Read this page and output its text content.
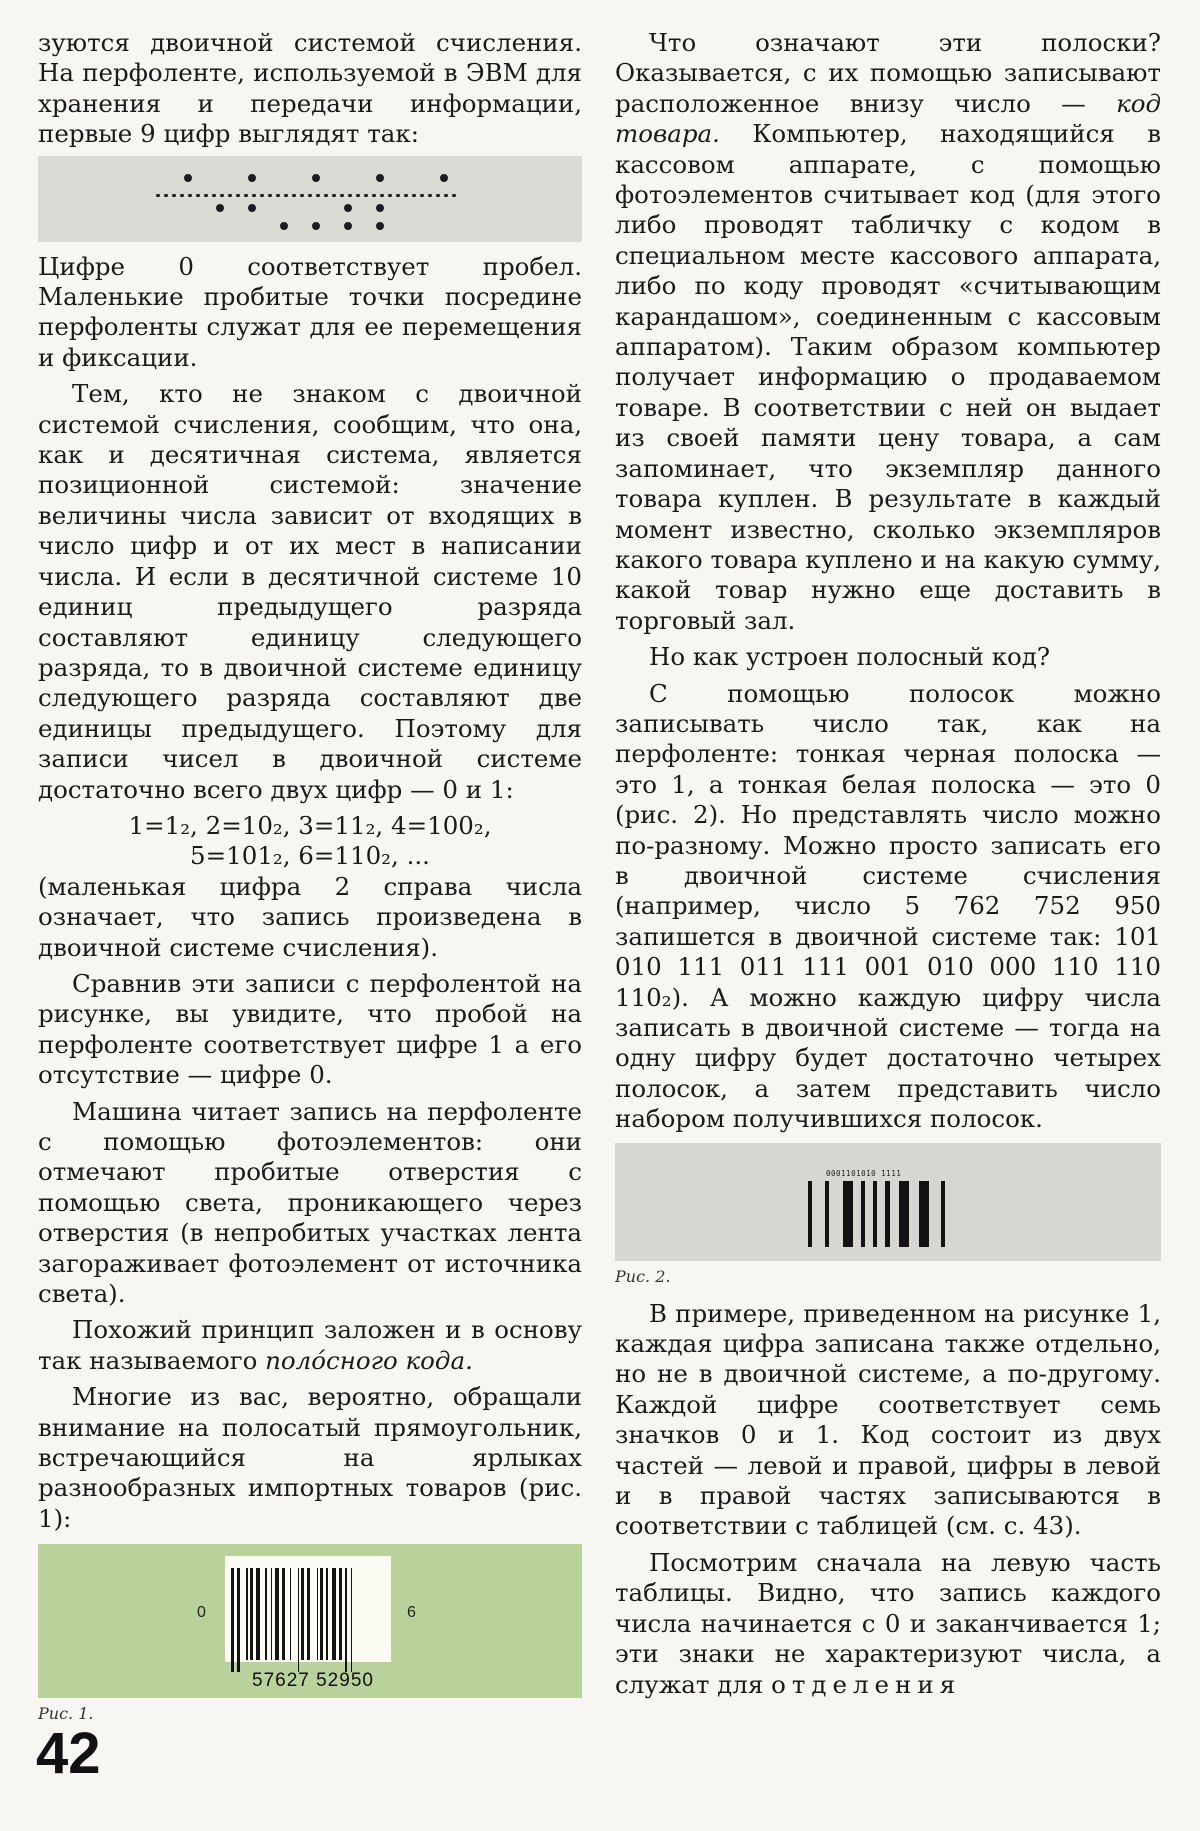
зуются двоичной системой счисления. На перфоленте, используемой в ЭВМ для хранения и передачи информации, первые 9 цифр выглядят так:

Цифре 0 соответствует пробел. Маленькие пробитые точки посредине перфоленты служат для ее перемещения и фиксации.

Тем, кто не знаком с двоичной системой счисления, сообщим, что она, как и десятичная система, является позиционной системой: значение величины числа зависит от входящих в число цифр и от их мест в написании числа. И если в десятичной системе 10 единиц предыдущего разряда составляют единицу следующего разряда, то в двоичной системе единицу следующего разряда составляют две единицы предыдущего. Поэтому для записи чисел в двоичной системе достаточно всего двух цифр — 0 и 1:

1=1₂, 2=10₂, 3=11₂, 4=100₂,

5=101₂, 6=110₂, ...

(маленькая цифра 2 справа числа означает, что запись произведена в двоичной системе счисления).

Сравнив эти записи с перфолентой на рисунке, вы увидите, что пробой на перфоленте соответствует цифре 1 а его отсутствие — цифре 0.

Машина читает запись на перфоленте с помощью фотоэлементов: они отмечают пробитые отверстия с помощью света, проникающего через отверстия (в непробитых участках лента загораживает фотоэлемент от источника света).

Похожий принцип заложен и в основу так называемого полóсного кода.

Многие из вас, вероятно, обращали внимание на полосатый прямоугольник, встречающийся на ярлыках разнообразных импортных товаров (рис. 1):

0	6
57627 52950
Рис. 1.

Что означают эти полоски? Оказывается, с их помощью записывают расположенное внизу число — код товара. Компьютер, находящийся в кассовом аппарате, с помощью фотоэлементов считывает код (для этого либо проводят табличку с кодом в специальном месте кассового аппарата, либо по коду проводят «считывающим карандашом», соединенным с кассовым аппаратом). Таким образом компьютер получает информацию о продаваемом товаре. В соответствии с ней он выдает из своей памяти цену товара, а сам запоминает, что экземпляр данного товара куплен. В результате в каждый момент известно, сколько экземпляров какого товара куплено и на какую сумму, какой товар нужно еще доставить в торговый зал.

Но как устроен полосный код?

С помощью полосок можно записывать число так, как на перфоленте: тонкая черная полоска — это 1, а тонкая белая полоска — это 0 (рис. 2). Но представлять число можно по-разному. Можно просто записать его в двоичной системе счисления (например, число 5 762 752 950 запишется в двоичной системе так: 101 010 111 011 111 001 010 000 110 110 110₂). А можно каждую цифру числа записать в двоичной системе — тогда на одну цифру будет достаточно четырех полосок, а затем представить число набором получившихся полосок.

0001101010 1111
Рис. 2.

В примере, приведенном на рисунке 1, каждая цифра записана также отдельно, но не в двоичной системе, а по-другому. Каждой цифре соответствует семь значков 0 и 1. Код состоит из двух частей — левой и правой, цифры в левой и в правой частях записываются в соответствии с таблицей (см. с. 43).

Посмотрим сначала на левую часть таблицы. Видно, что запись каждого числа начинается с 0 и заканчивается 1; эти знаки не характеризуют числа, а служат для отделения

42
